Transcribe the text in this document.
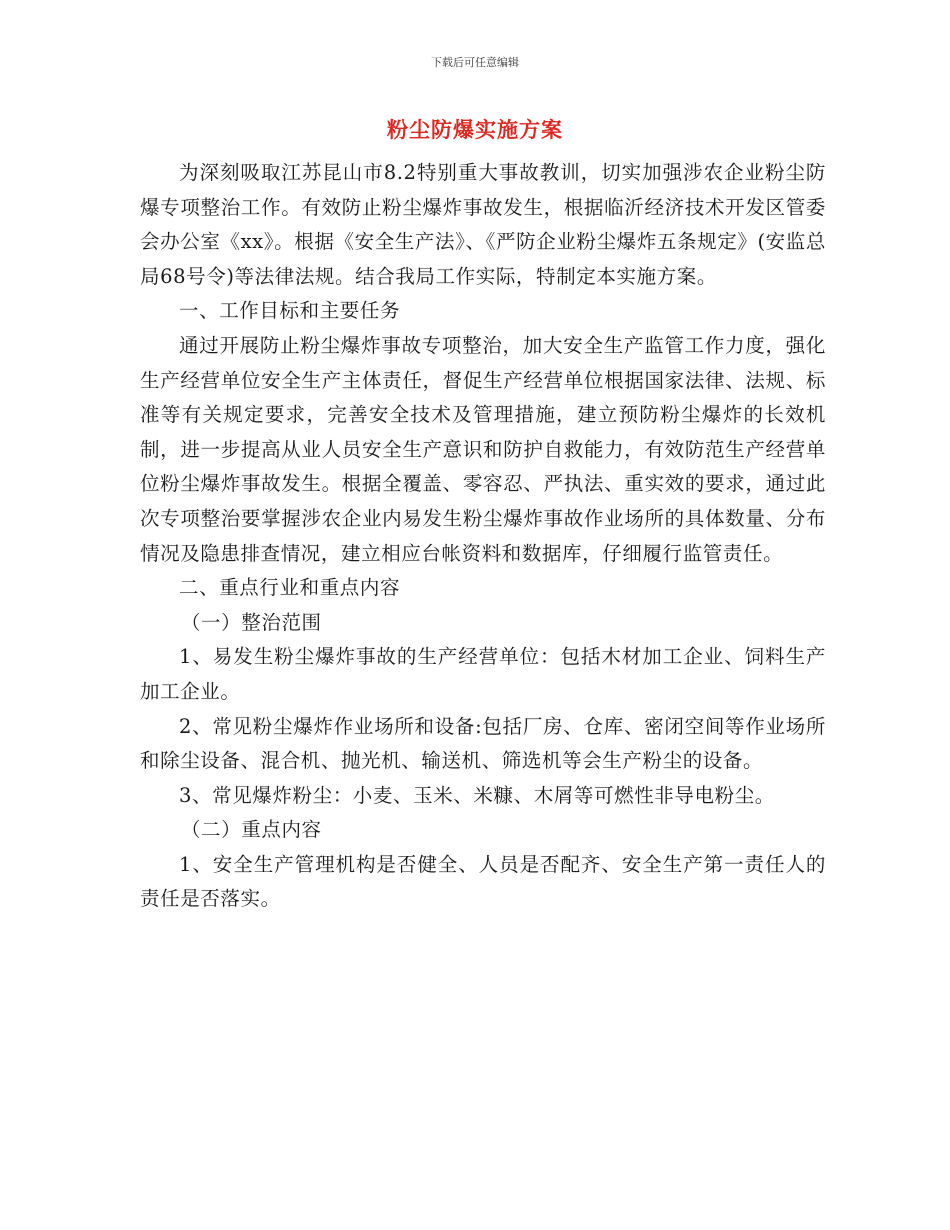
下载后可任意编辑
粉尘防爆实施方案

为深刻吸取江苏昆山市8.2特别重大事故教训，切实加强涉农企业粉尘防爆专项整治工作。有效防止粉尘爆炸事故发生，根据临沂经济技术开发区管委会办公室《xx》。根据《安全生产法》、《严防企业粉尘爆炸五条规定》(安监总局68号令)等法律法规。结合我局工作实际，特制定本实施方案。

一、工作目标和主要任务

通过开展防止粉尘爆炸事故专项整治，加大安全生产监管工作力度，强化生产经营单位安全生产主体责任，督促生产经营单位根据国家法律、法规、标准等有关规定要求，完善安全技术及管理措施，建立预防粉尘爆炸的长效机制，进一步提高从业人员安全生产意识和防护自救能力，有效防范生产经营单位粉尘爆炸事故发生。根据全覆盖、零容忍、严执法、重实效的要求，通过此次专项整治要掌握涉农企业内易发生粉尘爆炸事故作业场所的具体数量、分布情况及隐患排查情况，建立相应台帐资料和数据库，仔细履行监管责任。

二、重点行业和重点内容

（一）整治范围

1、易发生粉尘爆炸事故的生产经营单位：包括木材加工企业、饲料生产加工企业。

2、常见粉尘爆炸作业场所和设备:包括厂房、仓库、密闭空间等作业场所和除尘设备、混合机、抛光机、输送机、筛选机等会生产粉尘的设备。

3、常见爆炸粉尘：小麦、玉米、米糠、木屑等可燃性非导电粉尘。

（二）重点内容

1、安全生产管理机构是否健全、人员是否配齐、安全生产第一责任人的责任是否落实。
